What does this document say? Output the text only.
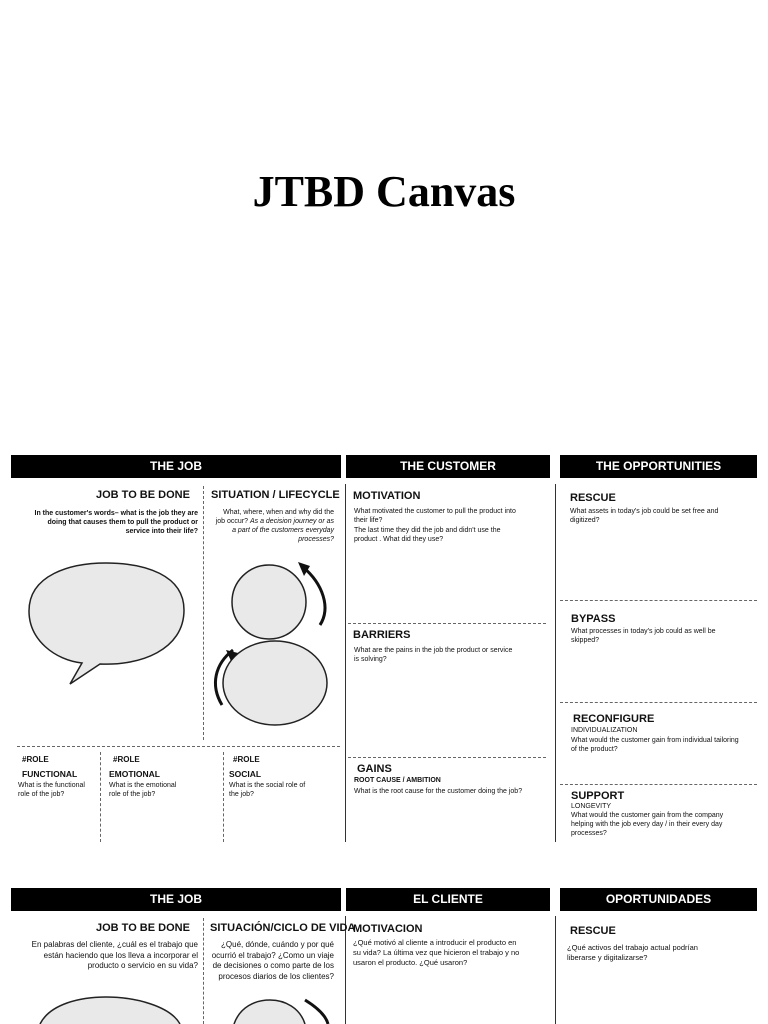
JTBD Canvas
THE JOB	THE CUSTOMER	THE OPPORTUNITIES
JOB TO BE DONE
In the customer's words– what is the job they are doing that causes them to pull the product or service into their life?
SITUATION / LIFECYCLE
What, where, when and why did the job occur? As a decision journey or as a part of the customers everyday processes?
#ROLE
FUNCTIONAL
What is the functional role of the job?
#ROLE
EMOTIONAL
What is the emotional role of the job?
#ROLE
SOCIAL
What is the social role of the job?
MOTIVATION
What motivated the customer to pull the product into their life?
The last time they did the job and didn't use the product . What did they use?
BARRIERS
What are the pains in the job the product or service is solving?
GAINS
ROOT CAUSE / AMBITION
What is the root cause for the customer doing the job?
RESCUE
What assets in today's job could be set free and digitized?
BYPASS
What processes in today's job could as well be skipped?
RECONFIGURE
INDIVIDUALIZATION
What would the customer gain from individual tailoring of the product?
SUPPORT
LONGEVITY
What would the customer gain from the company helping with the job every day / in their every day processes?
THE JOB	EL CLIENTE	OPORTUNIDADES
JOB TO BE DONE
En palabras del cliente, ¿cuál es el trabajo que están haciendo que los lleva a incorporar el producto o servicio en su vida?
SITUACIÓN/CICLO DE VIDA
¿Qué, dónde, cuándo y por qué ocurrió el trabajo? ¿Como un viaje de decisiones o como parte de los procesos diarios de los clientes?
MOTIVACION
¿Qué motivó al cliente a introducir el producto en su vida? La última vez que hicieron el trabajo y no usaron el producto. ¿Qué usaron?
RESCUE
¿Qué activos del trabajo actual podrían liberarse y digitalizarse?
